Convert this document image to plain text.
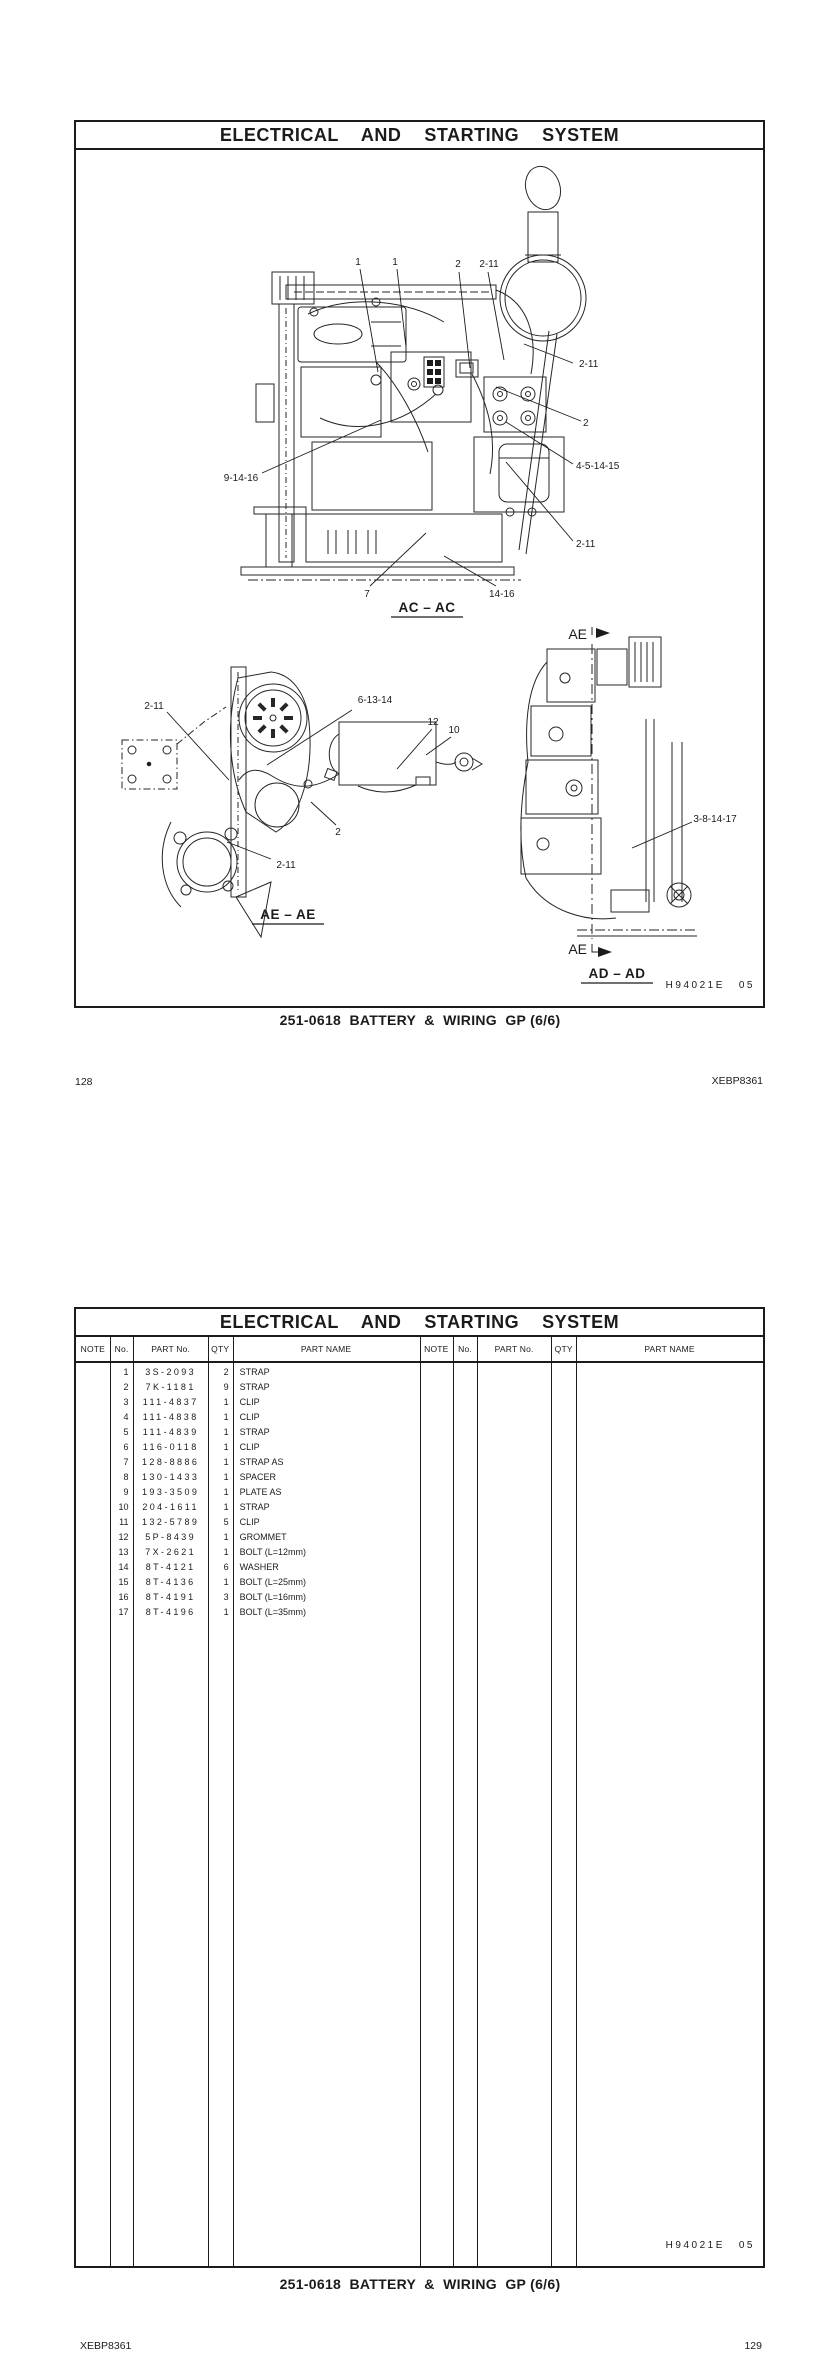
ELECTRICAL  AND  STARTING  SYSTEM
1	1	2 2-11
2-11
2
4-5-14-15
9-14-16
2-11
7	14-16
2-11
6-13-14
12
10
2
2-11
AE
3-8-14-17
AE
AC – AC
AE – AE
AD – AD

H94021E 05

251-0618  BATTERY  &  WIRING  GP (6/6)
128	XEBP8361
ELECTRICAL  AND  STARTING  SYSTEM
NOTE	No.	PART No.	QTY	PART NAME	NOTE	No.	PART No.	QTY	PART NAME
1	3S-2093	2	STRAP
2	7K-1181	9	STRAP
3	111-4837	1	CLIP
4	111-4838	1	CLIP
5	111-4839	1	STRAP
6	116-0118	1	CLIP
7	128-8886	1	STRAP AS
8	130-1433	1	SPACER
9	193-3509	1	PLATE AS
10	204-1611	1	STRAP
11	132-5789	5	CLIP
12	5P-8439	1	GROMMET
13	7X-2621	1	BOLT (L=12mm)
14	8T-4121	6	WASHER
15	8T-4136	1	BOLT (L=25mm)
16	8T-4191	3	BOLT (L=16mm)
17	8T-4196	1	BOLT (L=35mm)

H94021E 05

251-0618  BATTERY  &  WIRING  GP (6/6)
XEBP8361	129
